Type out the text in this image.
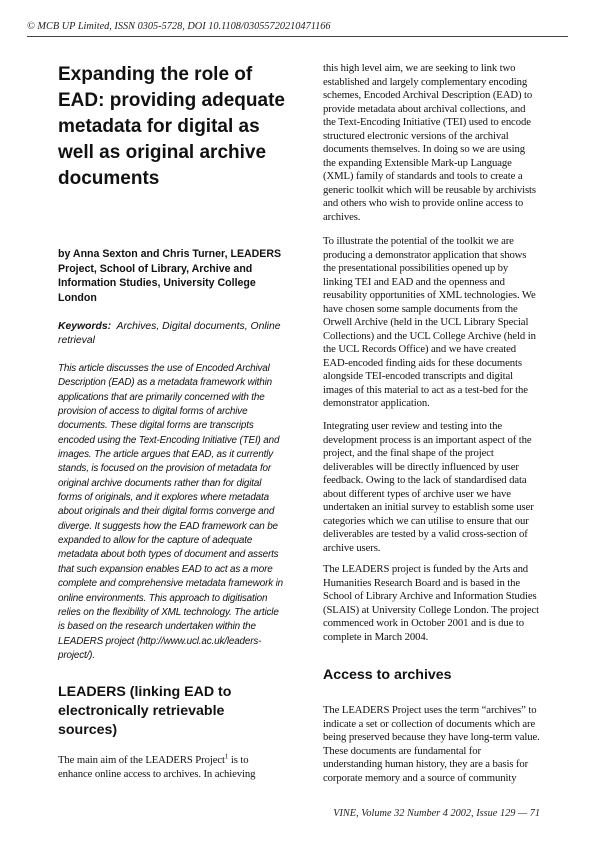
© MCB UP Limited, ISSN 0305-5728, DOI 10.1108/03055720210471166
Expanding the role of EAD: providing adequate metadata for digital as well as original archive documents

by Anna Sexton and Chris Turner, LEADERS Project, School of Library, Archive and Information Studies, University College London

Keywords: Archives, Digital documents, Online retrieval

This article discusses the use of Encoded Archival Description (EAD) as a metadata framework within applications that are primarily concerned with the provision of access to digital forms of archive documents. These digital forms are transcripts encoded using the Text-Encoding Initiative (TEI) and images. The article argues that EAD, as it currently stands, is focused on the provision of metadata for original archive documents rather than for digital forms of originals, and it explores where metadata about originals and their digital forms converge and diverge. It suggests how the EAD framework can be expanded to allow for the capture of adequate metadata about both types of document and asserts that such expansion enables EAD to act as a more complete and comprehensive metadata framework in online environments. This approach to digitisation relies on the flexibility of XML technology. The article is based on the research undertaken within the LEADERS project (http://www.ucl.ac.uk/leaders-project/).

LEADERS (linking EAD to electronically retrievable sources)

The main aim of the LEADERS Project$^1$ is to enhance online access to archives. In achieving

this high level aim, we are seeking to link two established and largely complementary encoding schemes, Encoded Archival Description (EAD) to provide metadata about archival collections, and the Text-Encoding Initiative (TEI) used to encode structured electronic versions of the archival documents themselves. In doing so we are using the expanding Extensible Mark-up Language (XML) family of standards and tools to create a generic toolkit which will be reusable by archivists and others who wish to provide online access to archives.

To illustrate the potential of the toolkit we are producing a demonstrator application that shows the presentational possibilities opened up by linking TEI and EAD and the openness and reusability opportunities of XML technologies. We have chosen some sample documents from the Orwell Archive (held in the UCL Library Special Collections) and the UCL College Archive (held in the UCL Records Office) and we have created EAD-encoded finding aids for these documents alongside TEI-encoded transcripts and digital images of this material to act as a test-bed for the demonstrator application.

Integrating user review and testing into the development process is an important aspect of the project, and the final shape of the project deliverables will be directly influenced by user feedback. Owing to the lack of standardised data about different types of archive user we have undertaken an initial survey to establish some user categories which we can utilise to ensure that our deliverables are tested by a valid cross-section of archive users.

The LEADERS project is funded by the Arts and Humanities Research Board and is based in the School of Library Archive and Information Studies (SLAIS) at University College London. The project commenced work in October 2001 and is due to complete in March 2004.

Access to archives

The LEADERS Project uses the term “archives” to indicate a set or collection of documents which are being preserved because they have long-term value. These documents are fundamental for understanding human history, they are a basis for corporate memory and a source of community

VINE, Volume 32 Number 4 2002, Issue 129 — 71
